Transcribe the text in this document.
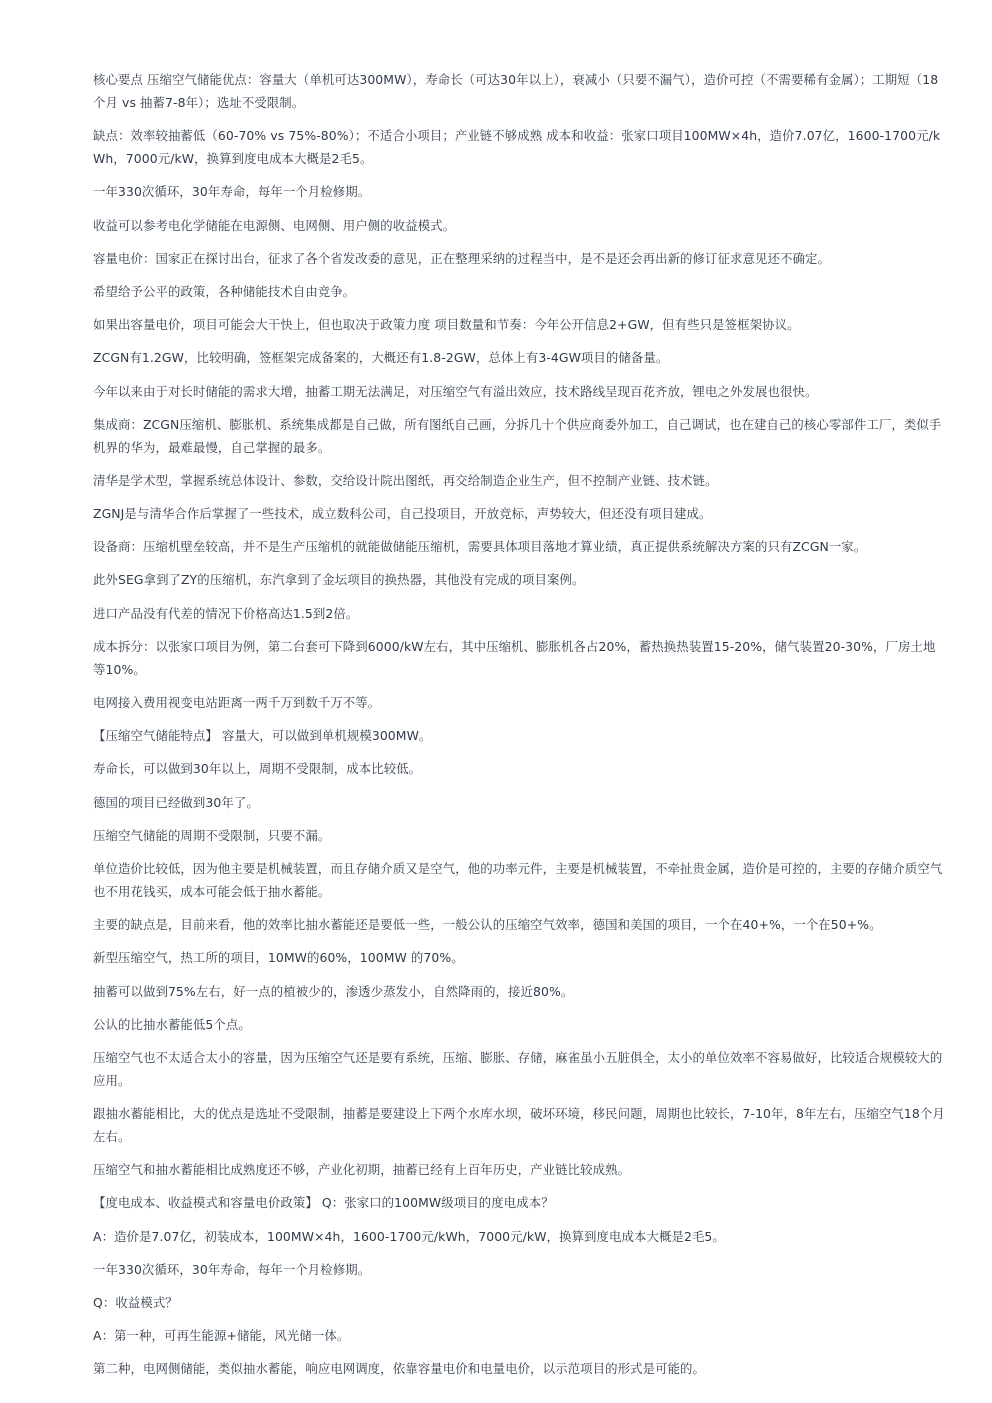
核心要点 压缩空气储能优点：容量大（单机可达300MW），寿命长（可达30年以上），衰减小（只要不漏气），造价可控（不需要稀有金属）；工期短（18个月 vs 抽蓄7-8年）；选址不受限制。

缺点：效率较抽蓄低（60-70% vs 75%-80%）；不适合小项目；产业链不够成熟 成本和收益：张家口项目100MW×4h，造价7.07亿，1600-1700元/kWh，7000元/kW，换算到度电成本大概是2毛5。

一年330次循环，30年寿命，每年一个月检修期。

收益可以参考电化学储能在电源侧、电网侧、用户侧的收益模式。

容量电价：国家正在探讨出台，征求了各个省发改委的意见，正在整理采纳的过程当中，是不是还会再出新的修订征求意见还不确定。

希望给予公平的政策，各种储能技术自由竞争。

如果出容量电价，项目可能会大干快上，但也取决于政策力度 项目数量和节奏：今年公开信息2+GW，但有些只是签框架协议。

ZCGN有1.2GW，比较明确，签框架完成备案的，大概还有1.8-2GW，总体上有3-4GW项目的储备量。

今年以来由于对长时储能的需求大增，抽蓄工期无法满足，对压缩空气有溢出效应，技术路线呈现百花齐放，锂电之外发展也很快。

集成商：ZCGN压缩机、膨胀机、系统集成都是自己做，所有图纸自己画，分拆几十个供应商委外加工，自己调试，也在建自己的核心零部件工厂，类似手机界的华为，最难最慢，自己掌握的最多。

清华是学术型，掌握系统总体设计、参数，交给设计院出图纸，再交给制造企业生产，但不控制产业链、技术链。

ZGNJ是与清华合作后掌握了一些技术，成立数科公司，自己投项目，开放竞标，声势较大，但还没有项目建成。

设备商：压缩机壁垒较高，并不是生产压缩机的就能做储能压缩机，需要具体项目落地才算业绩，真正提供系统解决方案的只有ZCGN一家。

此外SEG拿到了ZY的压缩机，东汽拿到了金坛项目的换热器，其他没有完成的项目案例。

进口产品没有代差的情况下价格高达1.5到2倍。

成本拆分：以张家口项目为例，第二台套可下降到6000/kW左右，其中压缩机、膨胀机各占20%，蓄热换热装置15-20%，储气装置20-30%，厂房土地等10%。

电网接入费用视变电站距离一两千万到数千万不等。

【压缩空气储能特点】 容量大，可以做到单机规模300MW。

寿命长，可以做到30年以上，周期不受限制，成本比较低。

德国的项目已经做到30年了。

压缩空气储能的周期不受限制，只要不漏。

单位造价比较低，因为他主要是机械装置，而且存储介质又是空气，他的功率元件，主要是机械装置，不牵扯贵金属，造价是可控的，主要的存储介质空气也不用花钱买，成本可能会低于抽水蓄能。

主要的缺点是，目前来看，他的效率比抽水蓄能还是要低一些，一般公认的压缩空气效率，德国和美国的项目，一个在40+%，一个在50+%。

新型压缩空气，热工所的项目，10MW的60%，100MW 的70%。

抽蓄可以做到75%左右，好一点的植被少的，渗透少蒸发小，自然降雨的，接近80%。

公认的比抽水蓄能低5个点。

压缩空气也不太适合太小的容量，因为压缩空气还是要有系统，压缩、膨胀、存储，麻雀虽小五脏俱全，太小的单位效率不容易做好，比较适合规模较大的应用。

跟抽水蓄能相比，大的优点是选址不受限制，抽蓄是要建设上下两个水库水坝，破坏环境，移民问题，周期也比较长，7-10年，8年左右，压缩空气18个月左右。

压缩空气和抽水蓄能相比成熟度还不够，产业化初期，抽蓄已经有上百年历史，产业链比较成熟。

【度电成本、收益模式和容量电价政策】 Q：张家口的100MW级项目的度电成本？

A：造价是7.07亿，初装成本，100MW×4h，1600-1700元/kWh，7000元/kW，换算到度电成本大概是2毛5。

一年330次循环，30年寿命，每年一个月检修期。

Q：收益模式？

A：第一种，可再生能源+储能，风光储一体。

第二种，电网侧储能，类似抽水蓄能，响应电网调度，依靠容量电价和电量电价，以示范项目的形式是可能的。
